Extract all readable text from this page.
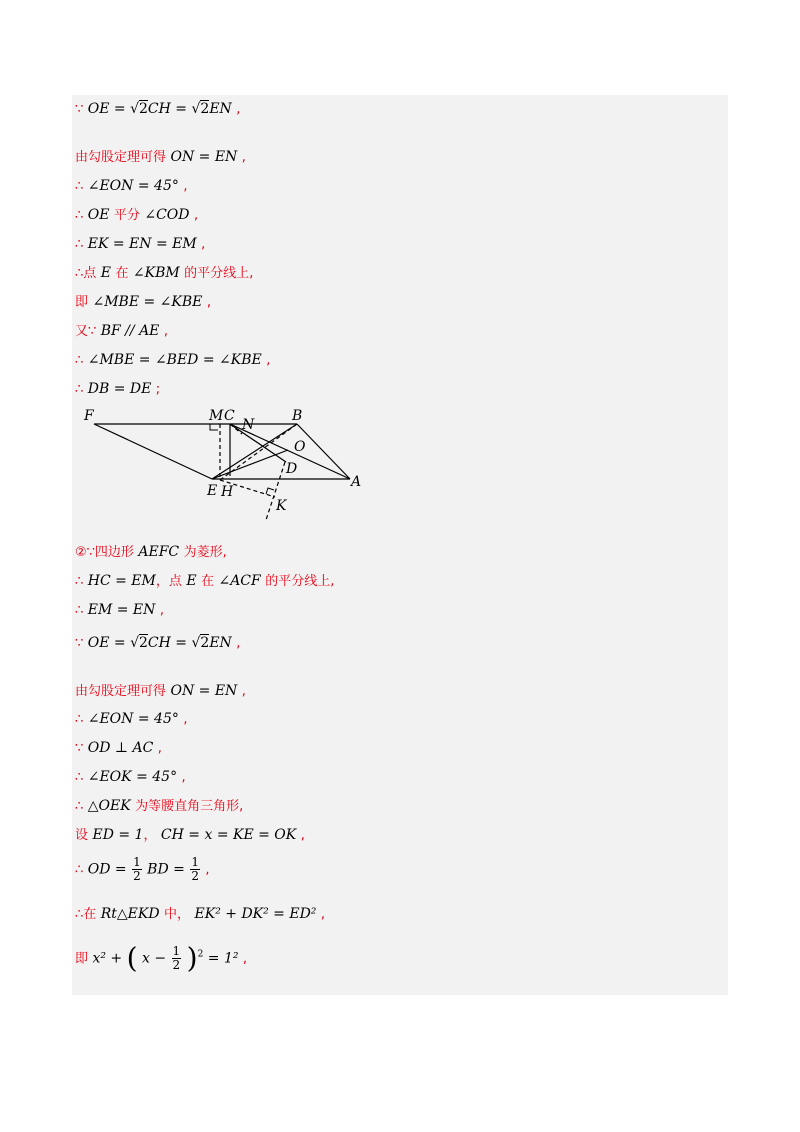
∵ OE = √2CH = √2EN ,
由勾股定理可得 ON = EN ,
∴ ∠EON = 45° ,
∴ OE 平分 ∠COD ,
∴ EK = EN = EM ,
∴点 E 在 ∠KBM 的平分线上,
即 ∠MBE = ∠KBE ,
又∵ BF // AE ,
∴ ∠MBE = ∠BED = ∠KBE ,
∴ DB = DE ;
F	M C
N
B
O
D
E H
A
K
②∵四边形 AEFC 为菱形,
∴ HC = EM，点 E 在 ∠ACF 的平分线上,
∴ EM = EN ,
∵ OE = √2CH = √2EN ,
由勾股定理可得 ON = EN ,
∴ ∠EON = 45° ,
∵ OD ⊥ AC ,
∴ ∠EOK = 45° ,
∴ △OEK 为等腰直角三角形,
设 ED = 1， CH = x = KE = OK ,
∴ OD = $\frac{1}{2}$ BD = $\frac{1}{2}$ ,
∴在 Rt△EKD 中， EK² + DK² = ED² ,
即 x² + ( $x - \frac{1}{2} )^2 = 1^2$ ,
